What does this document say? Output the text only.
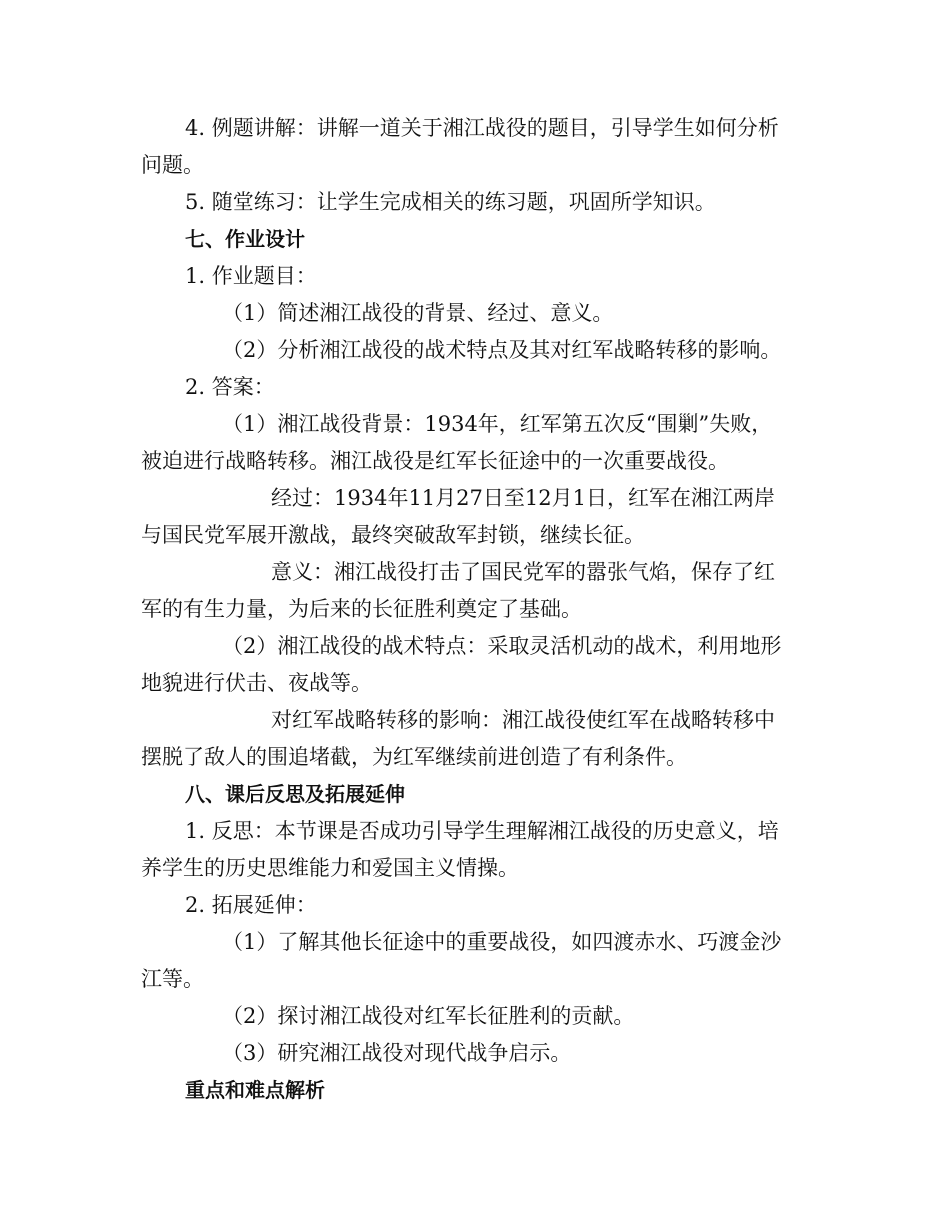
4. 例题讲解：讲解一道关于湘江战役的题目，引导学生如何分析
问题。
5. 随堂练习：让学生完成相关的练习题，巩固所学知识。
七、作业设计
1. 作业题目：
（1）简述湘江战役的背景、经过、意义。
（2）分析湘江战役的战术特点及其对红军战略转移的影响。
2. 答案：
（1）湘江战役背景：1934年，红军第五次反“围剿”失败，
被迫进行战略转移。湘江战役是红军长征途中的一次重要战役。
经过：1934年11月27日至12月1日，红军在湘江两岸
与国民党军展开激战，最终突破敌军封锁，继续长征。
意义：湘江战役打击了国民党军的嚣张气焰，保存了红
军的有生力量，为后来的长征胜利奠定了基础。
（2）湘江战役的战术特点：采取灵活机动的战术，利用地形
地貌进行伏击、夜战等。
对红军战略转移的影响：湘江战役使红军在战略转移中
摆脱了敌人的围追堵截，为红军继续前进创造了有利条件。
八、课后反思及拓展延伸
1. 反思：本节课是否成功引导学生理解湘江战役的历史意义，培
养学生的历史思维能力和爱国主义情操。
2. 拓展延伸：
（1）了解其他长征途中的重要战役，如四渡赤水、巧渡金沙
江等。
（2）探讨湘江战役对红军长征胜利的贡献。
（3）研究湘江战役对现代战争启示。
重点和难点解析
